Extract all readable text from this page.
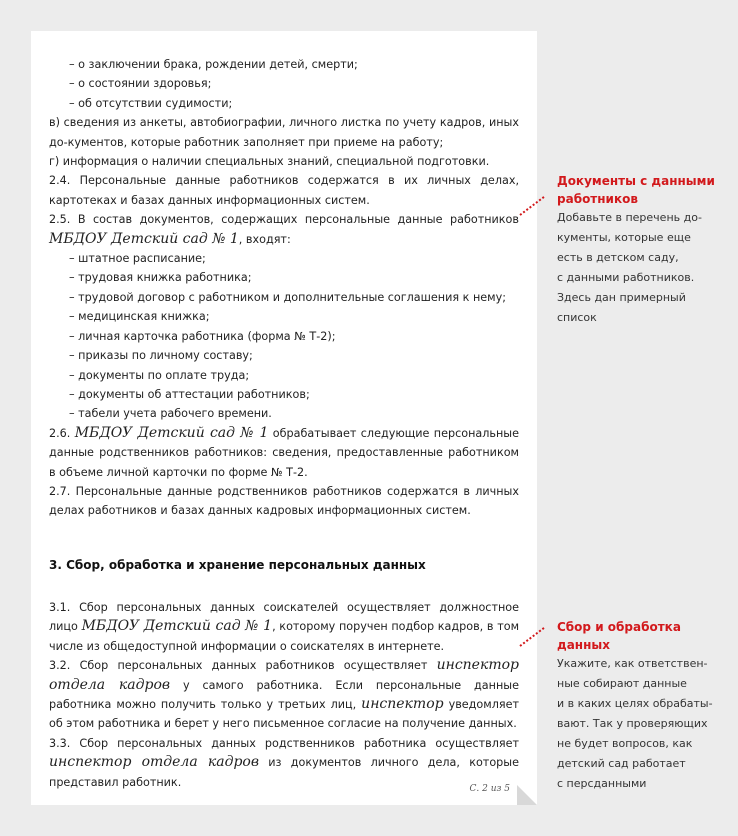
– о заключении брака, рождении детей, смерти;

– о состоянии здоровья;

– об отсутствии судимости;

в) сведения из анкеты, автобиографии, личного листка по учету кадров, иных до-кументов, которые работник заполняет при приеме на работу;

г) информация о наличии специальных знаний, специальной подготовки.

2.4. Персональные данные работников содержатся в их личных делах, картотеках и базах данных информационных систем.

2.5. В состав документов, содержащих персональные данные работников МБДОУ Детский сад № 1, входят:

– штатное расписание;

– трудовая книжка работника;

– трудовой договор с работником и дополнительные соглашения к нему;

– медицинская книжка;

– личная карточка работника (форма № Т-2);

– приказы по личному составу;

– документы по оплате труда;

– документы об аттестации работников;

– табели учета рабочего времени.

2.6. МБДОУ Детский сад № 1 обрабатывает следующие персональные данные родственников работников: сведения, предоставленные работником в объеме личной карточки по форме № Т-2.

2.7. Персональные данные родственников работников содержатся в личных делах работников и базах данных кадровых информационных систем.

3. Сбор, обработка и хранение персональных данных

3.1. Сбор персональных данных соискателей осуществляет должностное лицо МБДОУ Детский сад № 1, которому поручен подбор кадров, в том числе из общедоступной информации о соискателях в интернете.

3.2. Сбор персональных данных работников осуществляет инспектор отдела кадров у самого работника. Если персональные данные работника можно получить только у третьих лиц, инспектор уведомляет об этом работника и берет у него письменное согласие на получение данных.

3.3. Сбор персональных данных родственников работника осуществляет инспектор отдела кадров из документов личного дела, которые представил работник.

С. 2 из 5
Документы с данными работников
Добавьте в перечень до-
кументы, которые еще
есть в детском саду,
с данными работников.
Здесь дан примерный
список
Сбор и обработка данных
Укажите, как ответствен-
ные собирают данные
и в каких целях обрабаты-
вают. Так у проверяющих
не будет вопросов, как
детский сад работает
с персданными
